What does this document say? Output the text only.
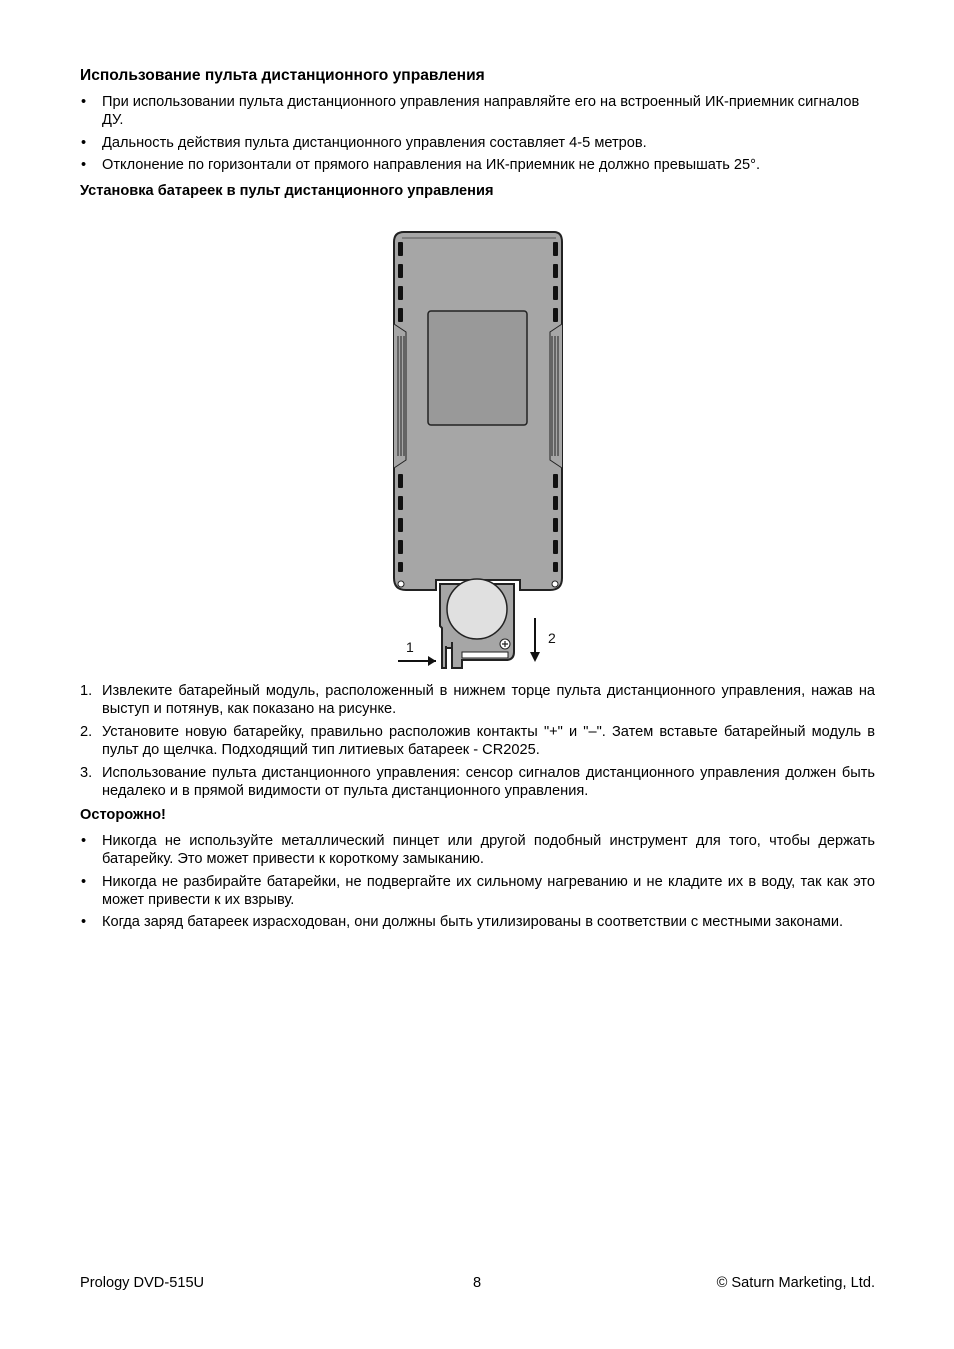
Использование пульта дистанционного управления
• При использовании пульта дистанционного управления направляйте его на встроенный ИК-приемник сигналов ДУ.
• Дальность действия пульта дистанционного управления составляет 4-5 метров.
• Отклонение по горизонтали от прямого направления на ИК-приемник не должно превышать 25°.
Установка батареек в пульт дистанционного управления
1. Извлеките батарейный модуль, расположенный в нижнем торце пульта дистанционного управления, нажав на выступ и потянув, как показано на рисунке.
2. Установите новую батарейку, правильно расположив контакты "+" и "–". Затем вставьте батарейный модуль в пульт до щелчка. Подходящий тип литиевых батареек - CR2025.
3. Использование пульта дистанционного управления: сенсор сигналов дистанционного управления должен быть недалеко и в прямой видимости от пульта дистанционного управления.
Осторожно!
• Никогда не используйте металлический пинцет или другой подобный инструмент для того, чтобы держать батарейку. Это может привести к короткому замыканию.
• Никогда не разбирайте батарейки, не подвергайте их сильному нагреванию и не кладите их в воду, так как это может привести к их взрыву.
• Когда заряд батареек израсходован, они должны быть утилизированы в соответствии с местными законами.
Prology DVD-515U	8	© Saturn Marketing, Ltd.
1
2
